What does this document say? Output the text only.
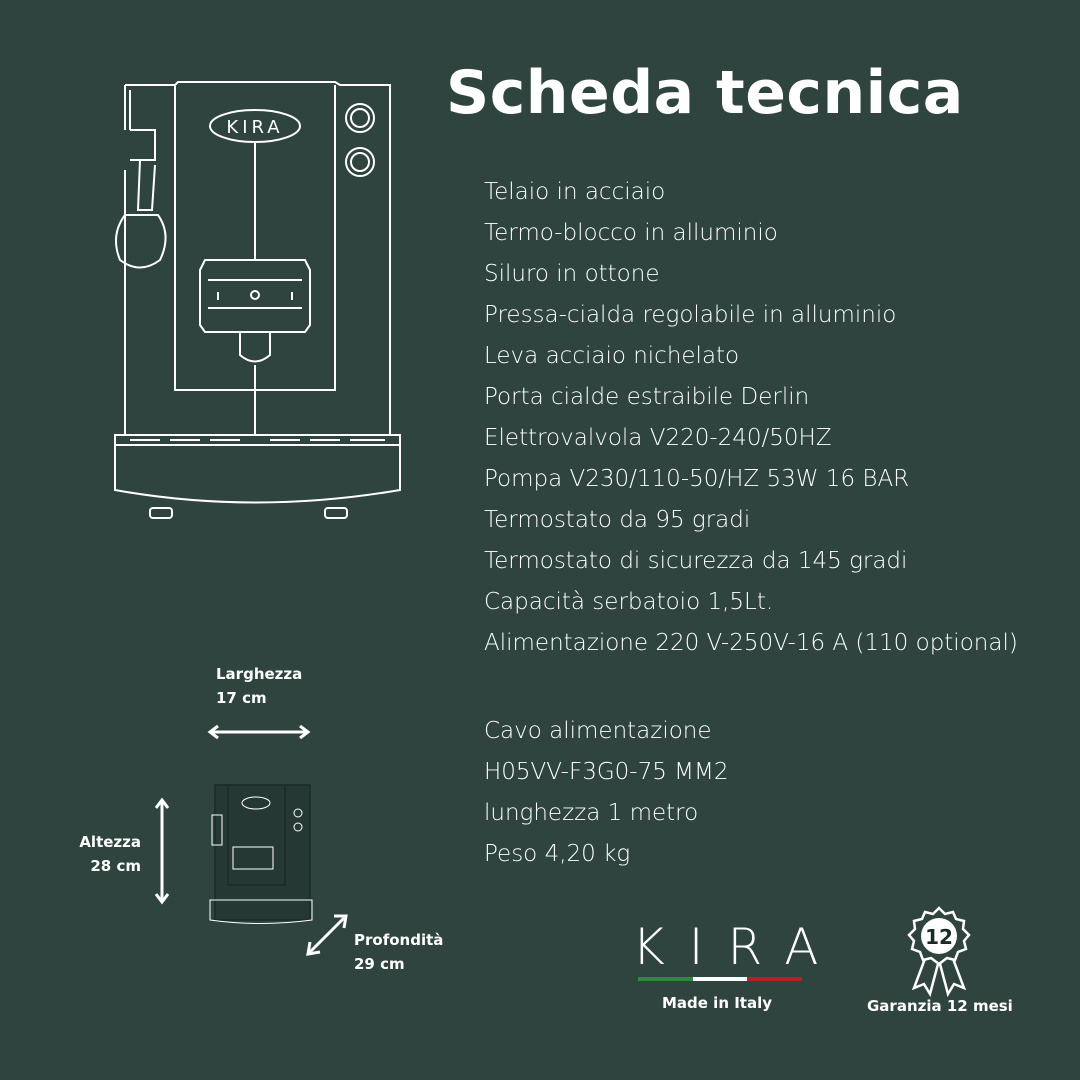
Scheda tecnica
KIRA
Telaio in acciaio
Termo-blocco in alluminio
Siluro in ottone
Pressa-cialda regolabile in alluminio
Leva acciaio nichelato
Porta cialde estraibile Derlin
Elettrovalvola V220-240/50HZ
Pompa V230/110-50/HZ 53W 16 BAR
Termostato da 95 gradi
Termostato di sicurezza da 145 gradi
Capacità serbatoio 1,5Lt.
Alimentazione 220 V-250V-16 A (110 optional)
Cavo alimentazione
H05VV-F3G0-75 MM2
lunghezza 1 metro
Peso 4,20 kg
Larghezza
17 cm
Altezza
28 cm
Profondità
29 cm	KIRA
Made in Italy
12
Garanzia 12 mesi
